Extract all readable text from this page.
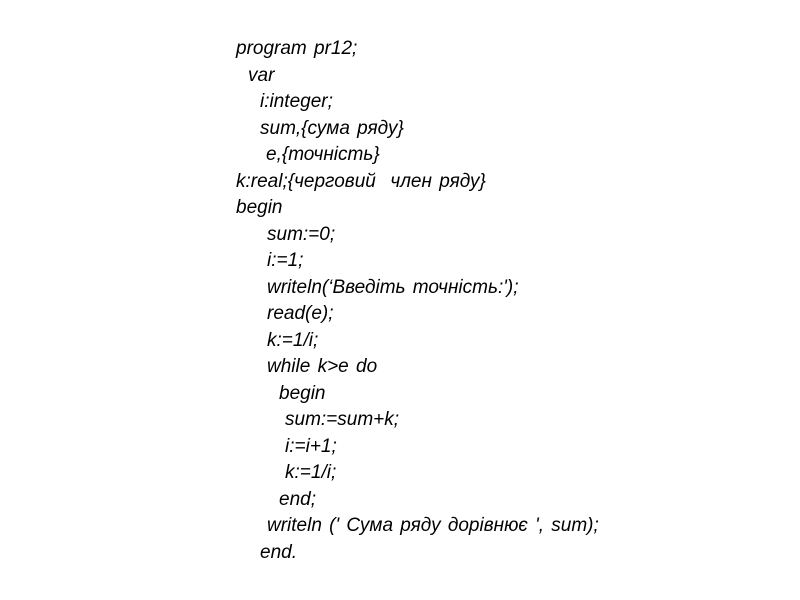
program pr12;
var
i:integer;
sum,{сума ряду}
e,{точність}
k:real;{черговий  член ряду}
begin
sum:=0;
i:=1;
writeln(‘Введіть точність:');
read(e);
k:=1/i;
while k>e do
begin
sum:=sum+k;
i:=i+1;
k:=1/i;
end;
writeln (' Сума ряду дорівнює ', sum);
end.
